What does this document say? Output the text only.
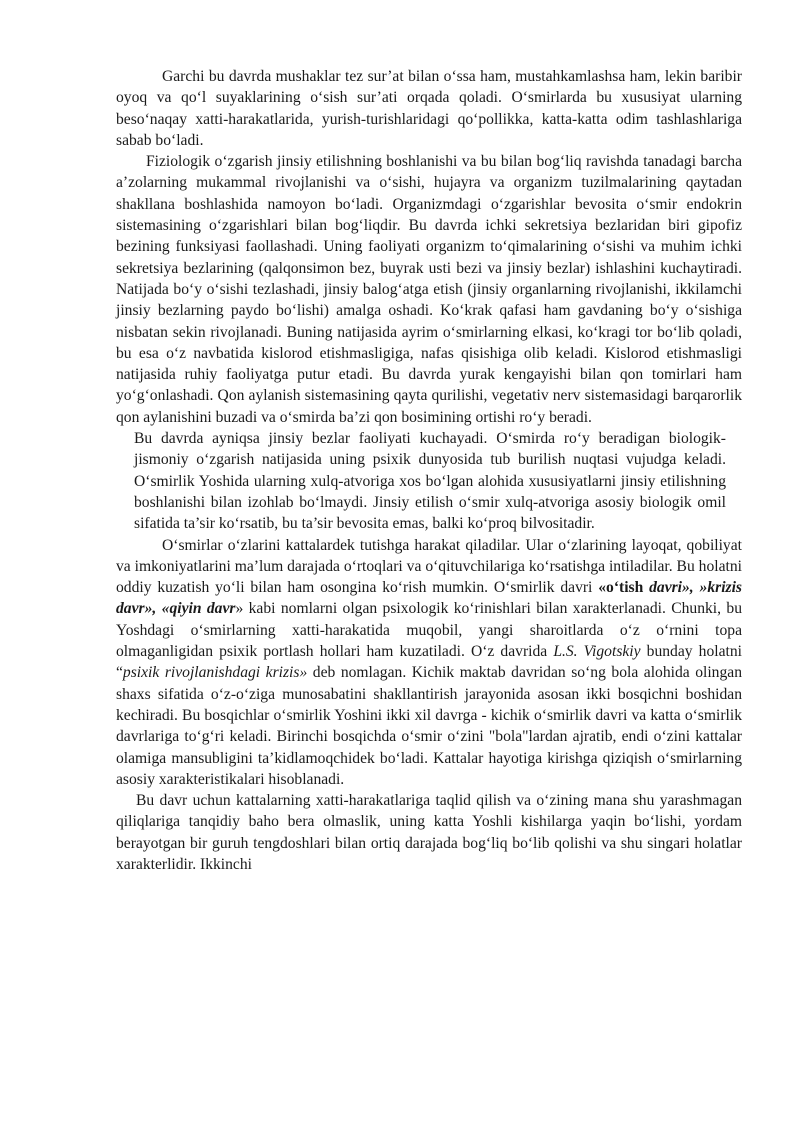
Garchi bu davrda mushaklar tez sur’at bilan o‘ssa ham, mustahkamlashsa ham, lekin baribir oyoq va qo‘l suyaklarining o‘sish sur’ati orqada qoladi. O‘smirlarda bu xususiyat ularning beso‘naqay xatti-harakatlarida, yurish-turishlaridagi qo‘pollikka, katta-katta odim tashlashlariga sabab bo‘ladi.

Fiziologik o‘zgarish jinsiy etilishning boshlanishi va bu bilan bog‘liq ravishda tanadagi barcha a’zolarning mukammal rivojlanishi va o‘sishi, hujayra va organizm tuzilmalarining qaytadan shakllana boshlashida namoyon bo‘ladi. Organizmdagi o‘zgarishlar bevosita o‘smir endokrin sistemasining o‘zgarishlari bilan bog‘liqdir. Bu davrda ichki sekretsiya bezlaridan biri gipofiz bezining funksiyasi faollashadi. Uning faoliyati organizm to‘qimalarining o‘sishi va muhim ichki sekretsiya bezlarining (qalqonsimon bez, buyrak usti bezi va jinsiy bezlar) ishlashini kuchaytiradi. Natijada bo‘y o‘sishi tezlashadi, jinsiy balog‘atga etish (jinsiy organlarning rivojlanishi, ikkilamchi jinsiy bezlarning paydo bo‘lishi) amalga oshadi. Ko‘krak qafasi ham gavdaning bo‘y o‘sishiga nisbatan sekin rivojlanadi. Buning natijasida ayrim o‘smirlarning elkasi, ko‘kragi tor bo‘lib qoladi, bu esa o‘z navbatida kislorod etishmasligiga, nafas qisishiga olib keladi. Kislorod etishmasligi natijasida ruhiy faoliyatga putur etadi. Bu davrda yurak kengayishi bilan qon tomirlari ham yo‘g‘onlashadi. Qon aylanish sistemasining qayta qurilishi, vegetativ nerv sistemasidagi barqarorlik qon aylanishini buzadi va o‘smirda ba’zi qon bosimining ortishi ro‘y beradi.

Bu davrda ayniqsa jinsiy bezlar faoliyati kuchayadi. O‘smirda ro‘y beradigan biologik-jismoniy o‘zgarish natijasida uning psixik dunyosida tub burilish nuqtasi vujudga keladi. O‘smirlik Yoshida ularning xulq-atvoriga xos bo‘lgan alohida xususiyatlarni jinsiy etilishning boshlanishi bilan izohlab bo‘lmaydi. Jinsiy etilish o‘smir xulq-atvoriga asosiy biologik omil sifatida ta’sir ko‘rsatib, bu ta’sir bevosita emas, balki ko‘proq bilvositadir.

O‘smirlar o‘zlarini kattalardek tutishga harakat qiladilar. Ular o‘zlarining layoqat, qobiliyat va imkoniyatlarini ma’lum darajada o‘rtoqlari va o‘qituvchilariga ko‘rsatishga intiladilar. Bu holatni oddiy kuzatish yo‘li bilan ham osongina ko‘rish mumkin. O‘smirlik davri «o‘tish davri», »krizis davr», «qiyin davr» kabi nomlarni olgan psixologik ko‘rinishlari bilan xarakterlanadi. Chunki, bu Yoshdagi o‘smirlarning xatti-harakatida muqobil, yangi sharoitlarda o‘z o‘rnini topa olmaganligidan psixik portlash hollari ham kuzatiladi. O‘z davrida L.S. Vigotskiy bunday holatni “psixik rivojlanishdagi krizis» deb nomlagan. Kichik maktab davridan so‘ng bola alohida olingan shaxs sifatida o‘z-o‘ziga munosabatini shakllantirish jarayonida asosan ikki bosqichni boshidan kechiradi. Bu bosqichlar o‘smirlik Yoshini ikki xil davrga - kichik o‘smirlik davri va katta o‘smirlik davrlariga to‘g‘ri keladi. Birinchi bosqichda o‘smir o‘zini "bola"lardan ajratib, endi o‘zini kattalar olamiga mansubligini ta’kidlamoqchidek bo‘ladi. Kattalar hayotiga kirishga qiziqish o‘smirlarning asosiy xarakteristikalari hisoblanadi.

Bu davr uchun kattalarning xatti-harakatlariga taqlid qilish va o‘zining mana shu yarashmagan qiliqlariga tanqidiy baho bera olmaslik, uning katta Yoshli kishilarga yaqin bo‘lishi, yordam berayotgan bir guruh tengdoshlari bilan ortiq darajada bog‘liq bo‘lib qolishi va shu singari holatlar xarakterlidir. Ikkinchi
